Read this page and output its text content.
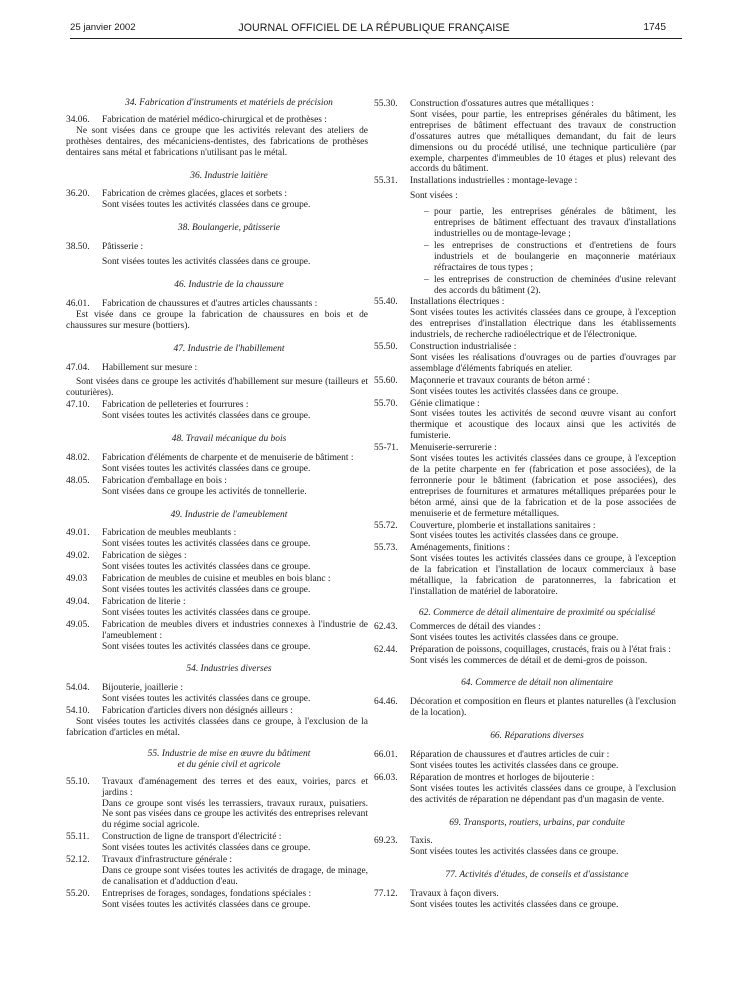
25 janvier 2002	JOURNAL OFFICIEL DE LA RÉPUBLIQUE FRANÇAISE	1745
34. Fabrication d'instruments et matériels de précision
34.06.	Fabrication de matériel médico-chirurgical et de prothèses :
Ne sont visées dans ce groupe que les activités relevant des ateliers de prothèses dentaires, des mécaniciens-dentistes, des fabrications de prothèses dentaires sans métal et fabrications n'utilisant pas le métal.
36. Industrie laitière
36.20.	Fabrication de crèmes glacées, glaces et sorbets :
Sont visées toutes les activités classées dans ce groupe.
38. Boulangerie, pâtisserie
38.50.	Pâtisserie :
Sont visées toutes les activités classées dans ce groupe.
46. Industrie de la chaussure
46.01.	Fabrication de chaussures et d'autres articles chaussants :
Est visée dans ce groupe la fabrication de chaussures en bois et de chaussures sur mesure (bottiers).
47. Industrie de l'habillement
47.04.	Habillement sur mesure :
Sont visées dans ce groupe les activités d'habillement sur mesure (tailleurs et couturières).
47.10.	Fabrication de pelleteries et fourrures :
Sont visées toutes les activités classées dans ce groupe.
48. Travail mécanique du bois
48.02.	Fabrication d'éléments de charpente et de menuiserie de bâtiment :
Sont visées toutes les activités classées dans ce groupe.
48.05.	Fabrication d'emballage en bois :
Sont visées dans ce groupe les activités de tonnellerie.
49. Industrie de l'ameublement
49.01.	Fabrication de meubles meublants :
Sont visées toutes les activités classées dans ce groupe.
49.02.	Fabrication de sièges :
Sont visées toutes les activités classées dans ce groupe.
49.03	Fabrication de meubles de cuisine et meubles en bois blanc :
Sont visées toutes les activités classées dans ce groupe.
49.04.	Fabrication de literie :
Sont visées toutes les activités classées dans ce groupe.
49.05.	Fabrication de meubles divers et industries connexes à l'industrie de l'ameublement :
Sont visées toutes les activités classées dans ce groupe.
54. Industries diverses
54.04.	Bijouterie, joaillerie :
Sont visées toutes les activités classées dans ce groupe.
54.10.	Fabrication d'articles divers non désignés ailleurs :
Sont visées toutes les activités classées dans ce groupe, à l'exclusion de la fabrication d'articles en métal.
55. Industrie de mise en œuvre du bâtiment
et du génie civil et agricole
55.10.	Travaux d'aménagement des terres et des eaux, voiries, parcs et jardins :
Dans ce groupe sont visés les terrassiers, travaux ruraux, puisatiers. Ne sont pas visées dans ce groupe les activités des entreprises relevant du régime social agricole.
55.11.	Construction de ligne de transport d'électricité :
Sont visées toutes les activités classées dans ce groupe.
52.12.	Travaux d'infrastructure générale :
Dans ce groupe sont visées toutes les activités de dragage, de minage, de canalisation et d'adduction d'eau.
55.20.	Entreprises de forages, sondages, fondations spéciales :
Sont visées toutes les activités classées dans ce groupe.
55.30.	Construction d'ossatures autres que métalliques :
Sont visées, pour partie, les entreprises générales du bâtiment, les entreprises de bâtiment effectuant des travaux de construction d'ossatures autres que métalliques demandant, du fait de leurs dimensions ou du procédé utilisé, une technique particulière (par exemple, charpentes d'immeubles de 10 étages et plus) relevant des accords du bâtiment.
55.31.	Installations industrielles : montage-levage :
Sont visées :
– pour partie, les entreprises générales de bâtiment, les entreprises de bâtiment effectuant des travaux d'installations industrielles ou de montage-levage ;
– les entreprises de constructions et d'entretiens de fours industriels et de boulangerie en maçonnerie matériaux réfractaires de tous types ;
– les entreprises de construction de cheminées d'usine relevant des accords du bâtiment (2).
55.40.	Installations électriques :
Sont visées toutes les activités classées dans ce groupe, à l'exception des entreprises d'installation électrique dans les établissements industriels, de recherche radioélectrique et de l'électronique.
55.50.	Construction industrialisée :
Sont visées les réalisations d'ouvrages ou de parties d'ouvrages par assemblage d'éléments fabriqués en atelier.
55.60.	Maçonnerie et travaux courants de béton armé :
Sont visées toutes les activités classées dans ce groupe.
55.70.	Génie climatique :
Sont visées toutes les activités de second œuvre visant au confort thermique et acoustique des locaux ainsi que les activités de fumisterie.
55-71.	Menuiserie-serrurerie :
Sont visées toutes les activités classées dans ce groupe, à l'exception de la petite charpente en fer (fabrication et pose associées), de la ferronnerie pour le bâtiment (fabrication et pose associées), des entreprises de fournitures et armatures métalliques préparées pour le béton armé, ainsi que de la fabrication et de la pose associées de menuiserie et de fermeture métalliques.
55.72.	Couverture, plomberie et installations sanitaires :
Sont visées toutes les activités classées dans ce groupe.
55.73.	Aménagements, finitions :
Sont visées toutes les activités classées dans ce groupe, à l'exception de la fabrication et l'installation de locaux commerciaux à base métallique, la fabrication de paratonnerres, la fabrication et l'installation de matériel de laboratoire.
62. Commerce de détail alimentaire de proximité ou spécialisé
62.43.	Commerces de détail des viandes :
Sont visées toutes les activités classées dans ce groupe.
62.44.	Préparation de poissons, coquillages, crustacés, frais ou à l'état frais :
Sont visés les commerces de détail et de demi-gros de poisson.
64. Commerce de détail non alimentaire
64.46.	Décoration et composition en fleurs et plantes naturelles (à l'exclusion de la location).
66. Réparations diverses
66.01.	Réparation de chaussures et d'autres articles de cuir :
Sont visées toutes les activités classées dans ce groupe.
66.03.	Réparation de montres et horloges de bijouterie :
Sont visées toutes les activités classées dans ce groupe, à l'exclusion des activités de réparation ne dépendant pas d'un magasin de vente.
69. Transports, routiers, urbains, par conduite
69.23.	Taxis.
Sont visées toutes les activités classées dans ce groupe.
77. Activités d'études, de conseils et d'assistance
77.12.	Travaux à façon divers.
Sont visées toutes les activités classées dans ce groupe.
